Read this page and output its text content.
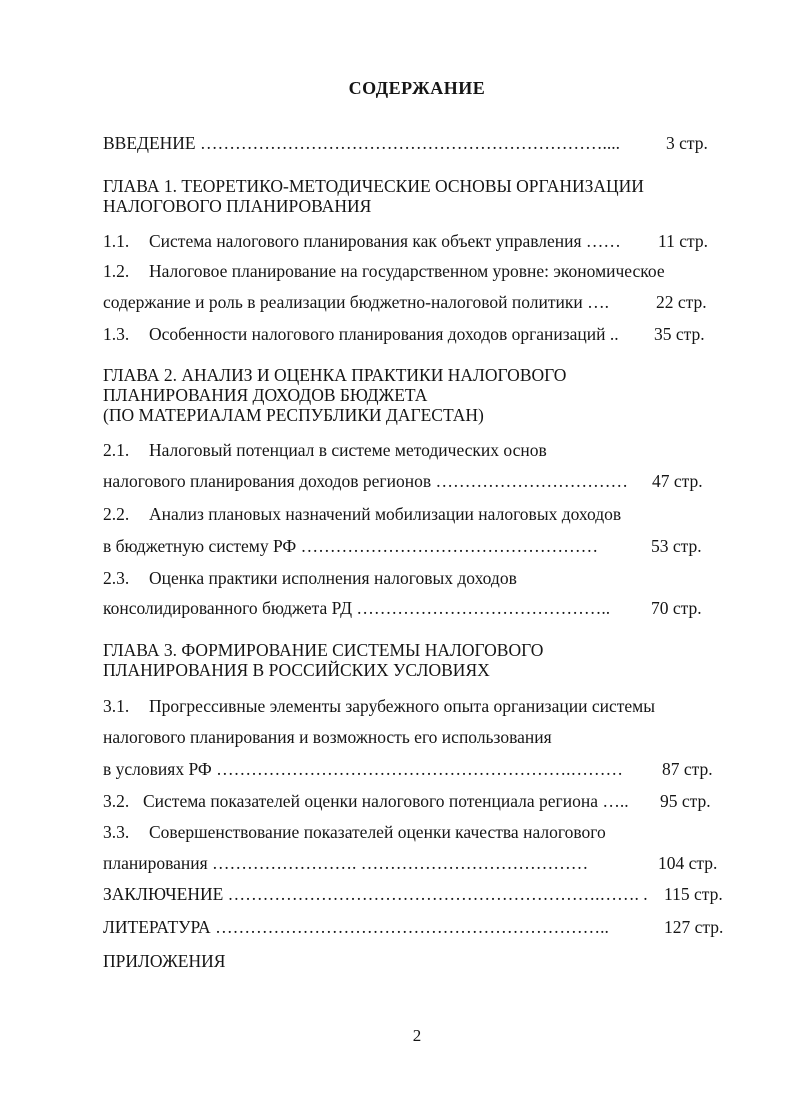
СОДЕРЖАНИЕ
ВВЕДЕНИЕ ……………………………………………………………....	3 стр.
ГЛАВА 1. ТЕОРЕТИКО-МЕТОДИЧЕСКИЕ ОСНОВЫ ОРГАНИЗАЦИИ
НАЛОГОВОГО ПЛАНИРОВАНИЯ
1.1. Система налогового планирования как объект управления …… 11 стр.
1.2. Налоговое планирование на государственном уровне: экономическое
содержание и роль в реализации бюджетно-налоговой политики ….	22 стр.
1.3. Особенности налогового планирования доходов организаций .. 35 стр.
ГЛАВА 2. АНАЛИЗ И ОЦЕНКА ПРАКТИКИ НАЛОГОВОГО
ПЛАНИРОВАНИЯ ДОХОДОВ БЮДЖЕТА
(ПО МАТЕРИАЛАМ РЕСПУБЛИКИ ДАГЕСТАН)
2.1. Налоговый потенциал в системе методических основ
налогового планирования доходов регионов …………………………… 47 стр.
2.2. Анализ плановых назначений мобилизации налоговых доходов
в бюджетную систему РФ ……………………………………………	53 стр.
2.3. Оценка практики исполнения налоговых доходов
консолидированного бюджета РД …………………………………….. 70 стр.
ГЛАВА 3. ФОРМИРОВАНИЕ СИСТЕМЫ НАЛОГОВОГО
ПЛАНИРОВАНИЯ В РОССИЙСКИХ УСЛОВИЯХ
3.1. Прогрессивные элементы зарубежного опыта организации системы
налогового планирования и возможность его использования
в условиях РФ …………………………………………………….……… 87 стр.
3.2. Система показателей оценки налогового потенциала региона ….. 95 стр.
3.3. Совершенствование показателей оценки качества налогового
планирования ……………………. …………………………………	104 стр.
ЗАКЛЮЧЕНИЕ ……………………………………………………….……. . 115 стр.
ЛИТЕРАТУРА …………………………………………………………..	127 стр.
ПРИЛОЖЕНИЯ
2
